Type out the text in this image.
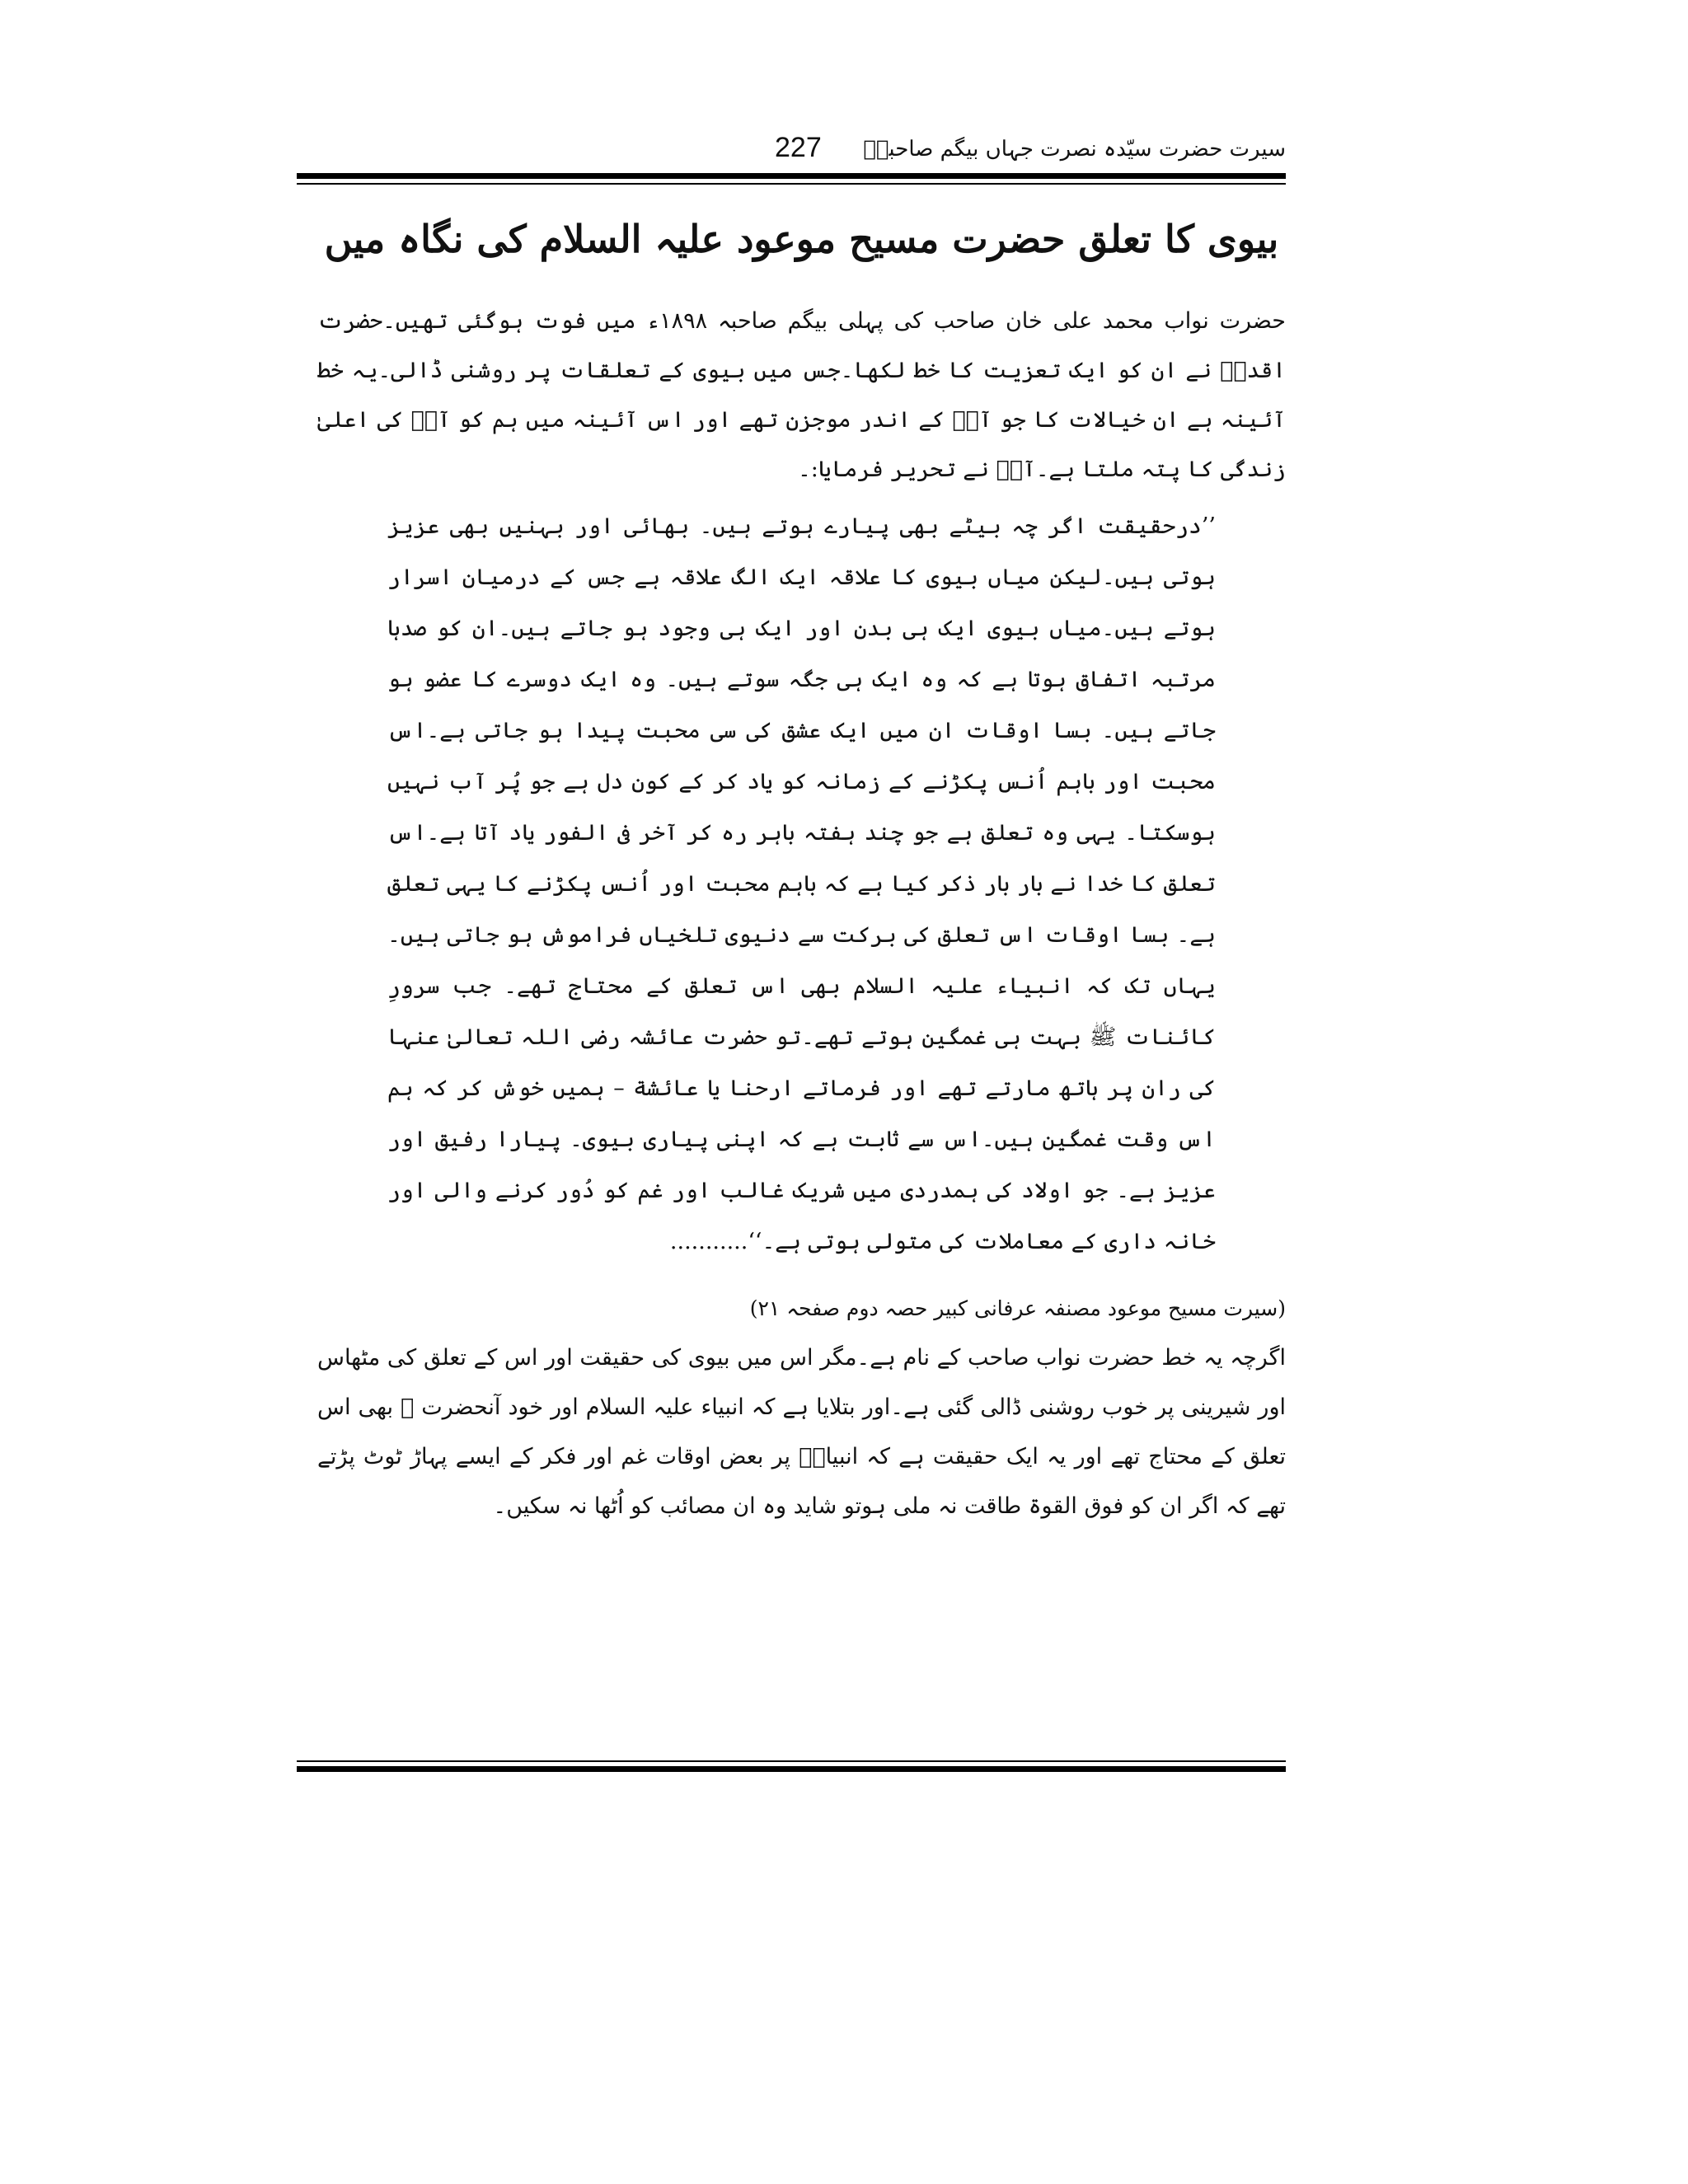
سیرت حضرت سیّدہ نصرت جہاں بیگم صاحبہؓ
227
بیوی کا تعلق حضرت مسیح موعود علیہ السلام کی نگاہ میں

حضرت نواب محمد علی خان صاحب کی پہلی بیگم صاحبہ ۱۸۹۸ء میں فوت ہوگئی تھیں۔حضرت اقدسؑ نے ان کو ایک تعزیت کا خط لکھا۔جس میں بیوی کے تعلقات پر روشنی ڈالی۔یہ خط آئینہ ہے ان خیالات کا جو آپؑ کے اندر موجزن تھے اور اس آئینہ میں ہم کو آپؑ کی اعلیٰ زندگی کا پتہ ملتا ہے۔آپؑ نے تحریر فرمایا:۔

’’درحقیقت اگر چہ بیٹے بھی پیارے ہوتے ہیں۔ بھائی اور بہنیں بھی عزیز ہوتی ہیں۔لیکن میاں بیوی کا علاقہ ایک الگ علاقہ ہے جس کے درمیان اسرار ہوتے ہیں۔میاں بیوی ایک ہی بدن اور ایک ہی وجود ہو جاتے ہیں۔ان کو صدہا مرتبہ اتفاق ہوتا ہے کہ وہ ایک ہی جگہ سوتے ہیں۔ وہ ایک دوسرے کا عضو ہو جاتے ہیں۔ بسا اوقات ان میں ایک عشق کی سی محبت پیدا ہو جاتی ہے۔اس محبت اور باہم اُنس پکڑنے کے زمانہ کو یاد کر کے کون دل ہے جو پُر آب نہیں ہوسکتا۔ یہی وہ تعلق ہے جو چند ہفتہ باہر رہ کر آخر فی الفور یاد آتا ہے۔اس تعلق کا خدا نے بار بار ذکر کیا ہے کہ باہم محبت اور اُنس پکڑنے کا یہی تعلق ہے۔ بسا اوقات اس تعلق کی برکت سے دنیوی تلخیاں فراموش ہو جاتی ہیں۔ یہاں تک کہ انبیاء علیہ السلام بھی اس تعلق کے محتاج تھے۔ جب سرورِ کائنات ﷺ بہت ہی غمگین ہوتے تھے۔تو حضرت عائشہ رضی اللہ تعالیٰ عنہا کی ران پر ہاتھ مارتے تھے اور فرماتے ارحنا یا عائشة – ہمیں خوش کر کہ ہم اس وقت غمگین ہیں۔اس سے ثابت ہے کہ اپنی پیاری بیوی۔ پیارا رفیق اور عزیز ہے۔ جو اولاد کی ہمدردی میں شریک غالب اور غم کو دُور کرنے والی اور خانہ داری کے معاملات کی متولی ہوتی ہے۔‘‘...........

(سیرت مسیح موعود مصنفہ عرفانی کبیر حصہ دوم صفحہ ۲۱)

اگرچہ یہ خط حضرت نواب صاحب کے نام ہے۔مگر اس میں بیوی کی حقیقت اور اس کے تعلق کی مٹھاس اور شیرینی پر خوب روشنی ڈالی گئی ہے۔اور بتلایا ہے کہ انبیاء علیہ السلام اور خود آنحضرت ﷺ بھی اس تعلق کے محتاج تھے اور یہ ایک حقیقت ہے کہ انبیاءؑ پر بعض اوقات غم اور فکر کے ایسے پہاڑ ٹوٹ پڑتے تھے کہ اگر ان کو فوق القوۃ طاقت نہ ملی ہوتو شاید وہ ان مصائب کو اُٹھا نہ سکیں۔
